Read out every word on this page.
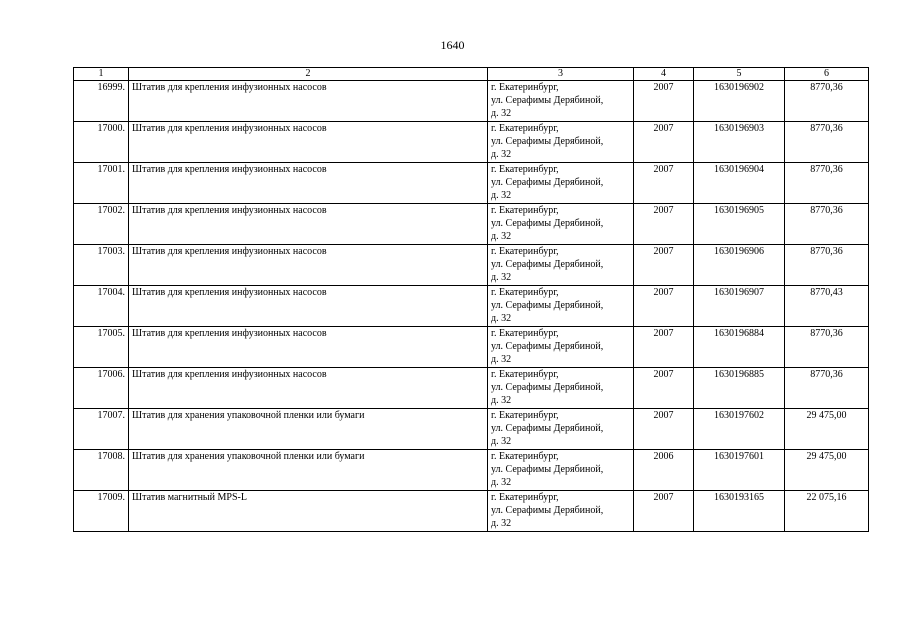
1640
1	2	3	4	5	6
16999.	Штатив для крепления инфузионных насосов	г. Екатеринбург,
ул. Серафимы Дерябиной,
д. 32	2007	1630196902	8770,36
17000.	Штатив для крепления инфузионных насосов	г. Екатеринбург,
ул. Серафимы Дерябиной,
д. 32	2007	1630196903	8770,36
17001.	Штатив для крепления инфузионных насосов	г. Екатеринбург,
ул. Серафимы Дерябиной,
д. 32	2007	1630196904	8770,36
17002.	Штатив для крепления инфузионных насосов	г. Екатеринбург,
ул. Серафимы Дерябиной,
д. 32	2007	1630196905	8770,36
17003.	Штатив для крепления инфузионных насосов	г. Екатеринбург,
ул. Серафимы Дерябиной,
д. 32	2007	1630196906	8770,36
17004.	Штатив для крепления инфузионных насосов	г. Екатеринбург,
ул. Серафимы Дерябиной,
д. 32	2007	1630196907	8770,43
17005.	Штатив для крепления инфузионных насосов	г. Екатеринбург,
ул. Серафимы Дерябиной,
д. 32	2007	1630196884	8770,36
17006.	Штатив для крепления инфузионных насосов	г. Екатеринбург,
ул. Серафимы Дерябиной,
д. 32	2007	1630196885	8770,36
17007.	Штатив для хранения упаковочной пленки или бумаги	г. Екатеринбург,
ул. Серафимы Дерябиной,
д. 32	2007	1630197602	29 475,00
17008.	Штатив для хранения упаковочной пленки или бумаги	г. Екатеринбург,
ул. Серафимы Дерябиной,
д. 32	2006	1630197601	29 475,00
17009.	Штатив магнитный MPS-L	г. Екатеринбург,
ул. Серафимы Дерябиной,
д. 32	2007	1630193165	22 075,16
